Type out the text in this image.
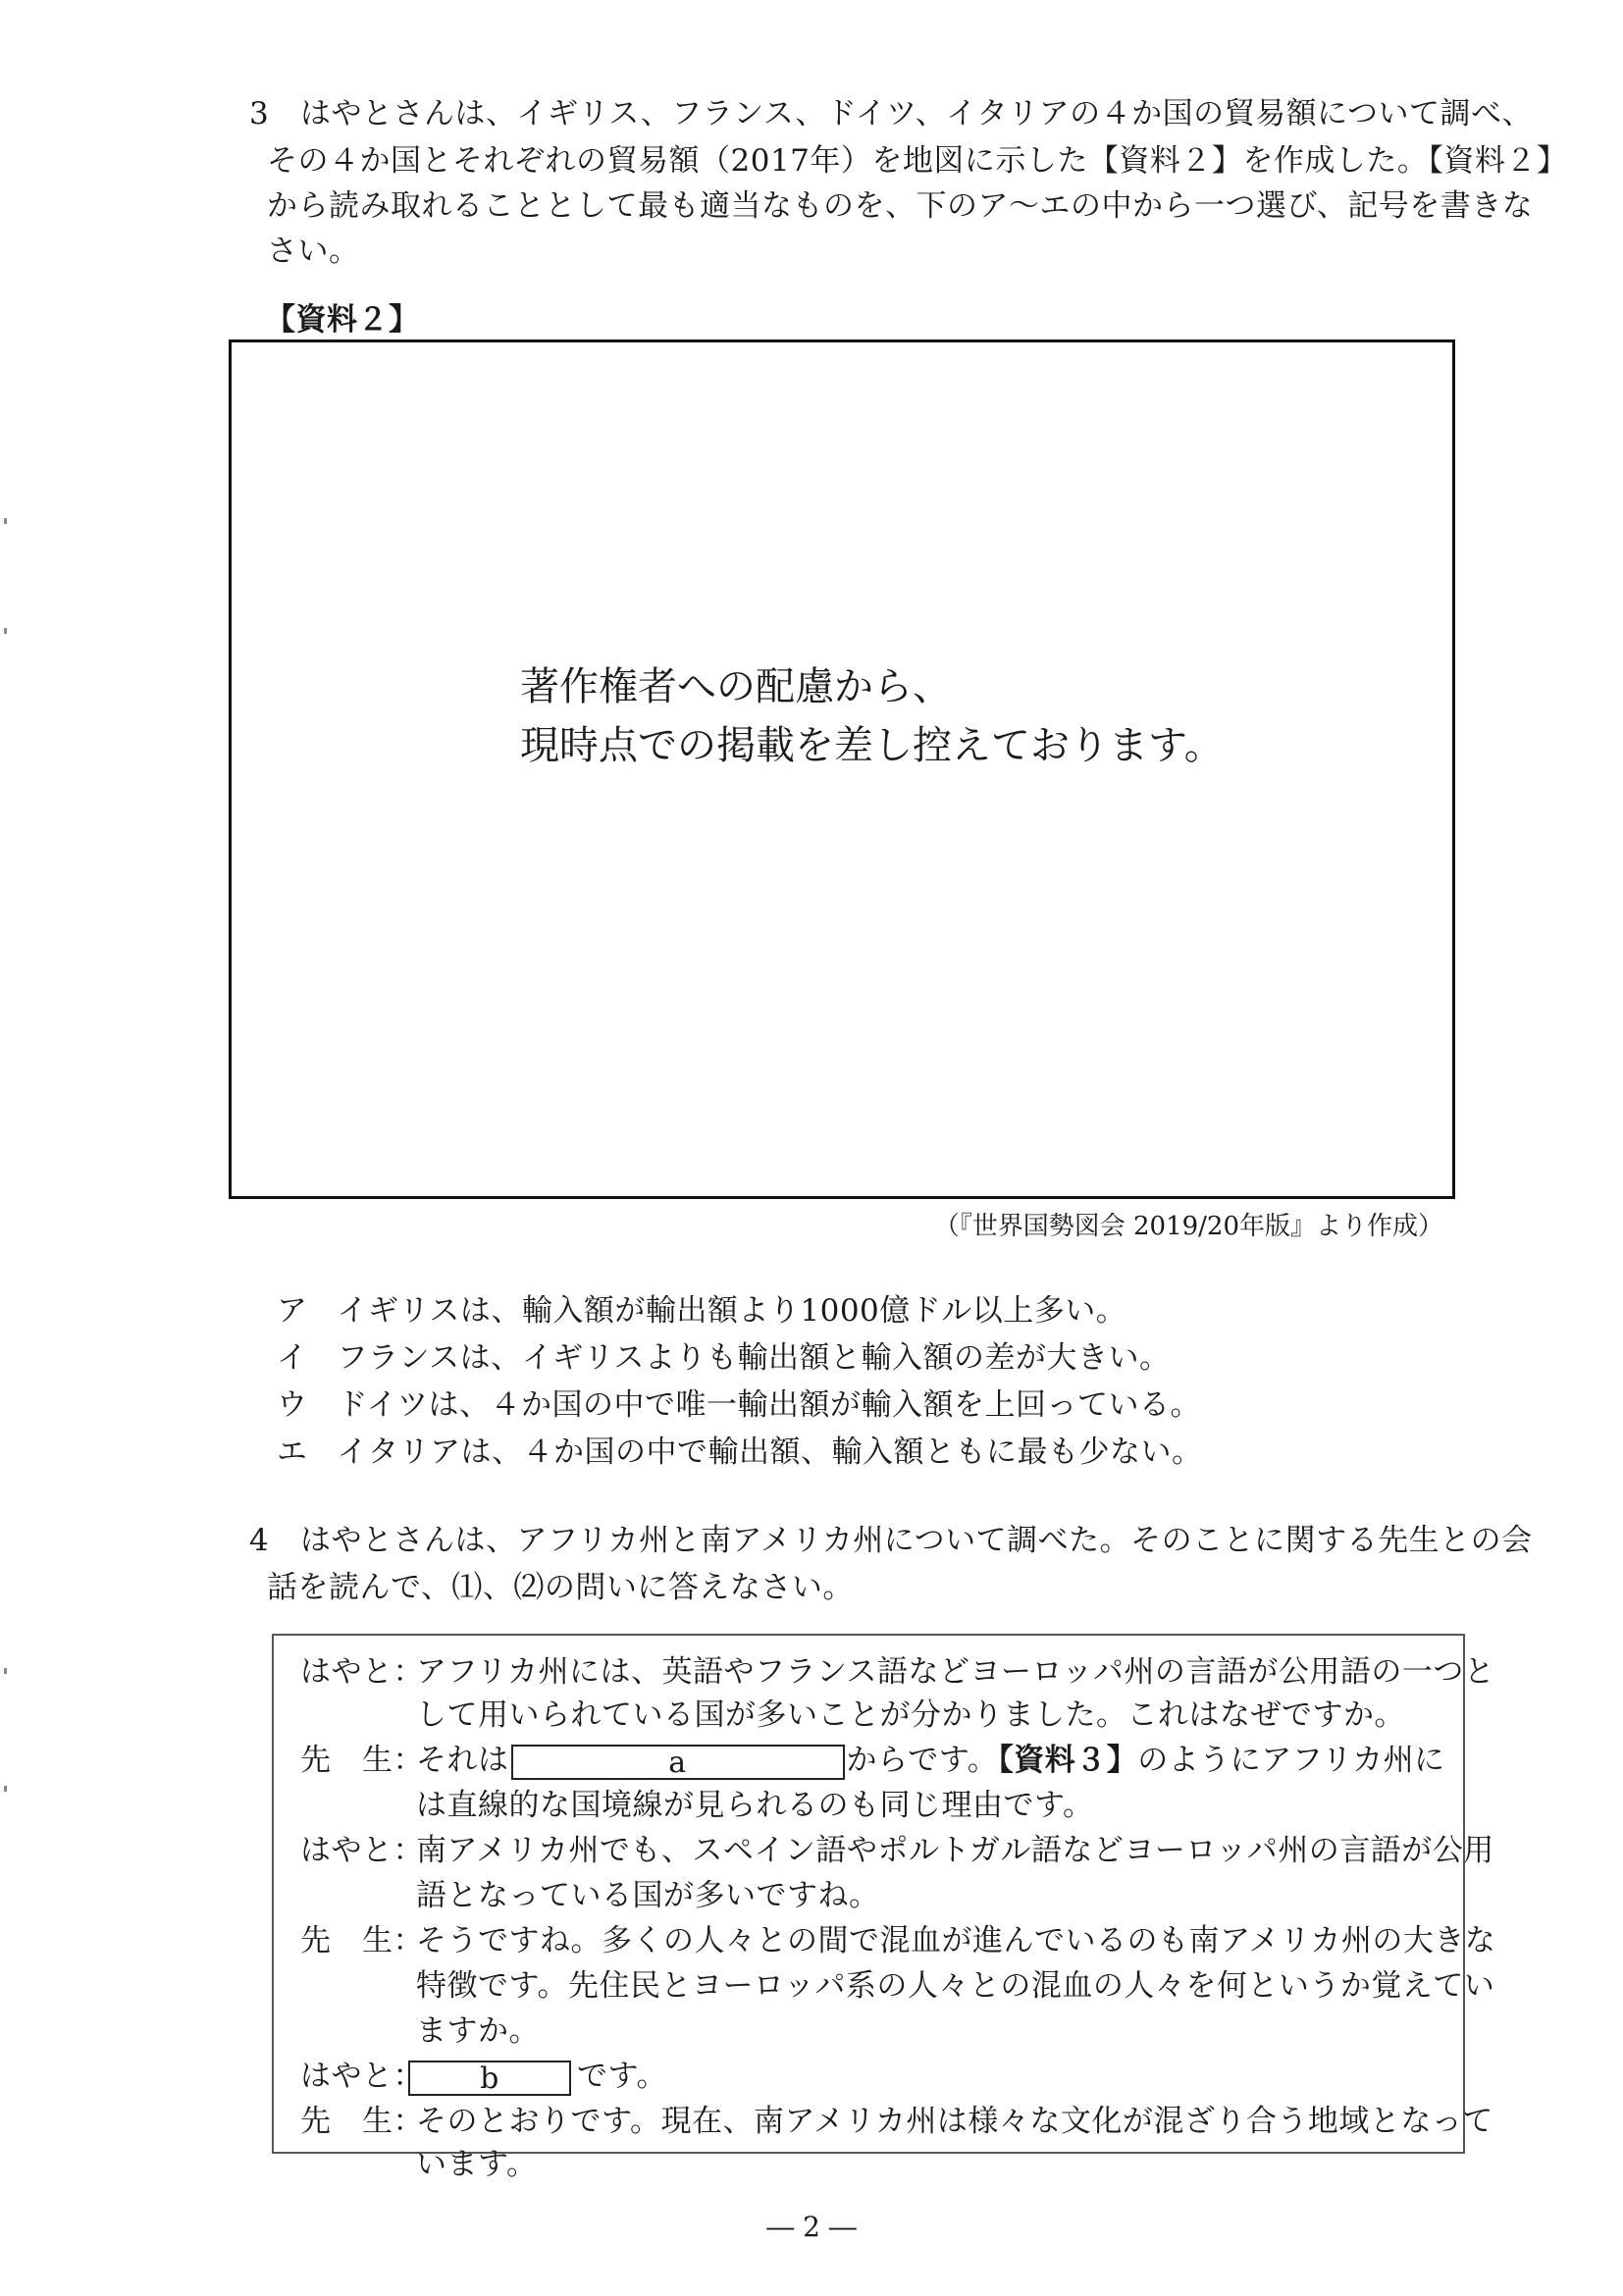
3 はやとさんは、イギリス、フランス、ドイツ、イタリアの４か国の貿易額について調べ、
その４か国とそれぞれの貿易額（2017年）を地図に示した【資料２】を作成した。【資料２】
から読み取れることとして最も適当なものを、下のア～エの中から一つ選び、記号を書きな
さい。
【資料２】
著作権者への配慮から、
現時点での掲載を差し控えております。
（『世界国勢図会 2019/20年版』より作成）
ア イギリスは、輸入額が輸出額より1000億ドル以上多い。
イ フランスは、イギリスよりも輸出額と輸入額の差が大きい。
ウ ドイツは、４か国の中で唯一輸出額が輸入額を上回っている。
エ イタリアは、４か国の中で輸出額、輸入額ともに最も少ない。
4 はやとさんは、アフリカ州と南アメリカ州について調べた。そのことに関する先生との会
話を読んで、⑴、⑵の問いに答えなさい。
はやと：アフリカ州には、英語やフランス語などヨーロッパ州の言語が公用語の一つと
して用いられている国が多いことが分かりました。これはなぜですか。
先　生：それは	a	からです。【資料３】のようにアフリカ州に
は直線的な国境線が見られるのも同じ理由です。
はやと：南アメリカ州でも、スペイン語やポルトガル語などヨーロッパ州の言語が公用
語となっている国が多いですね。
先　生：そうですね。多くの人々との間で混血が進んでいるのも南アメリカ州の大きな
特徴です。先住民とヨーロッパ系の人々との混血の人々を何というか覚えてい
ますか。
はやと： b	です。
先　生：そのとおりです。現在、南アメリカ州は様々な文化が混ざり合う地域となって
います。
― 2 ―
